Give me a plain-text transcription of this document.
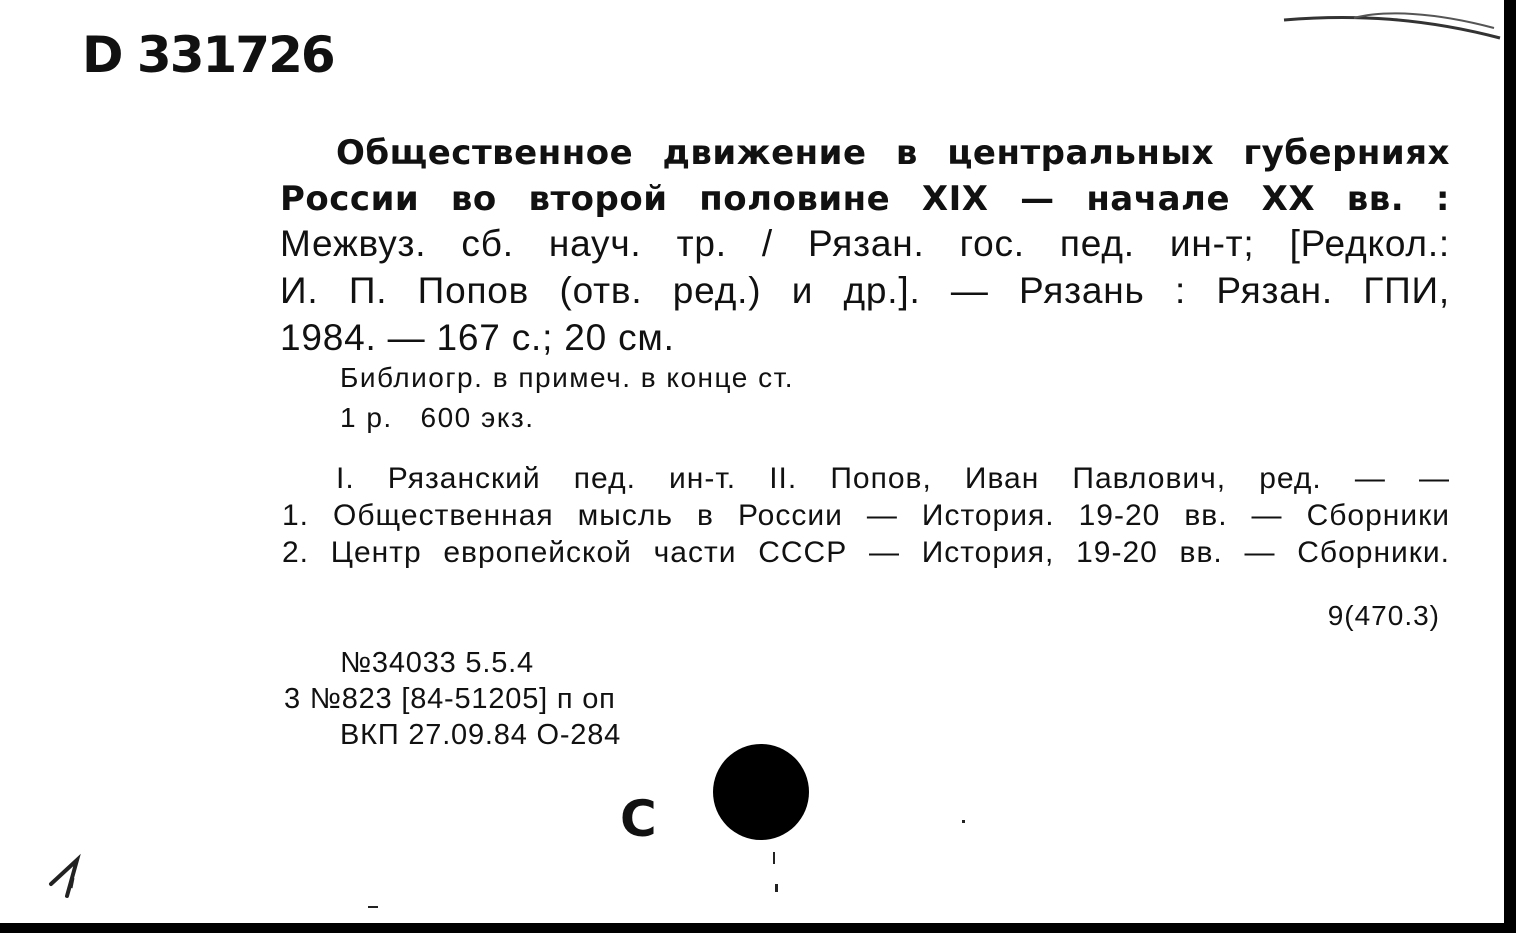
D 331726
Общественное движение в центральных губерниях
России во второй половине XIX — начале XX вв. :
Межвуз. сб. науч. тр. / Рязан. гос. пед. ин-т; [Редкол.:
И. П. Попов (отв. ред.) и др.]. — Рязань : Рязан. ГПИ,
1984. — 167 с.; 20 см.
Библиогр. в примеч. в конце ст.
1 р.   600 экз.
I. Рязанский пед. ин-т. II. Попов, Иван Павлович, ред. — —
1. Общественная мысль в России — История. 19-20 вв. — Сборники
2. Центр европейской части СССР — История, 19-20 вв. — Сборники.
9(470.3)
№34033 5.5.4
3 №823 [84-51205] п оп
ВКП 27.09.84 О-284
С
